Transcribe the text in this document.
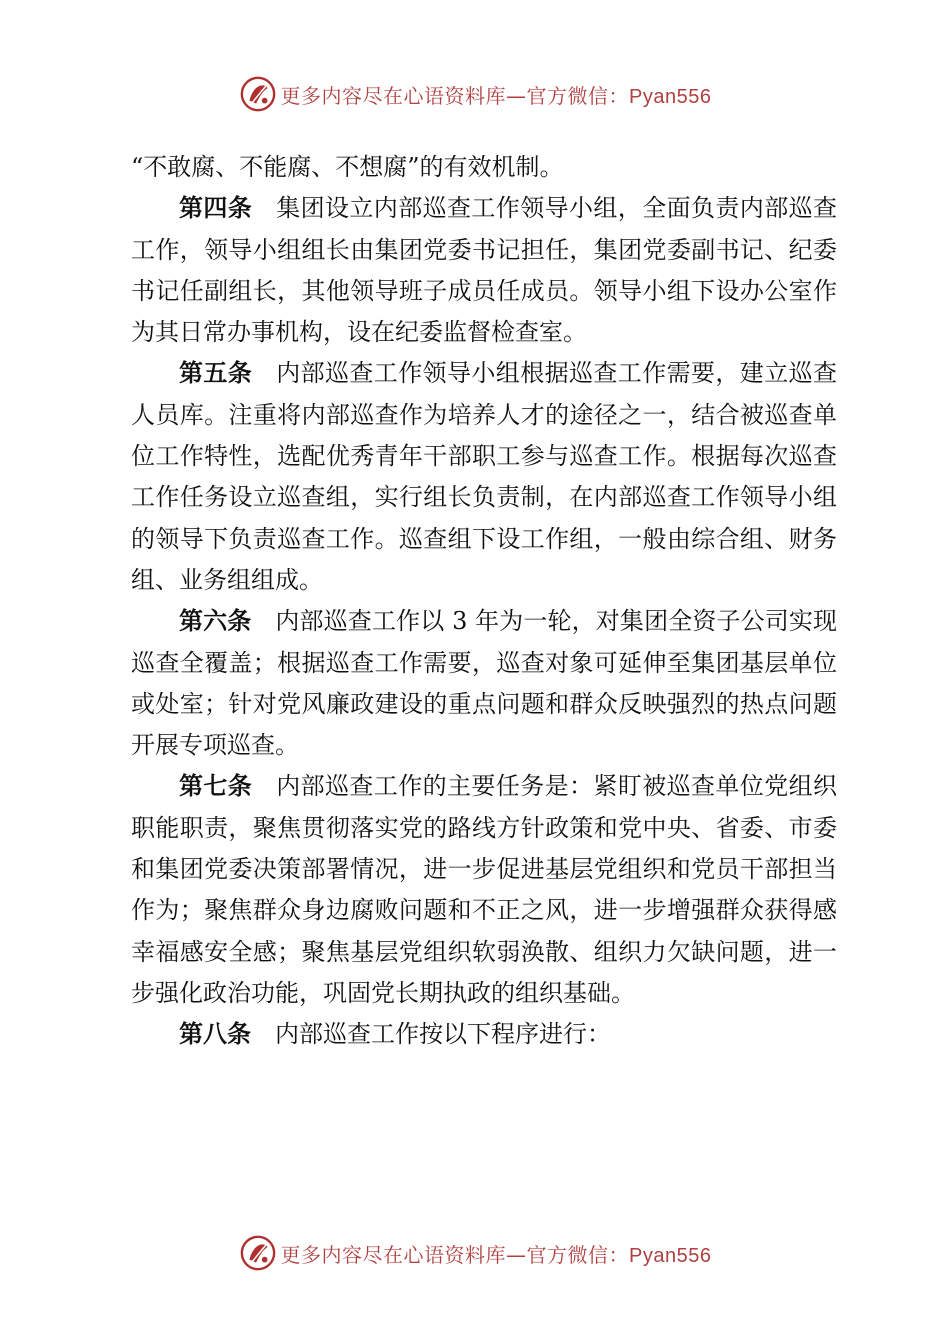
更多内容尽在心语资料库—官方微信：Pyan556

“不敢腐、不能腐、不想腐”的有效机制。

第四条 集团设立内部巡查工作领导小组，全面负责内部巡查工作，领导小组组长由集团党委书记担任，集团党委副书记、纪委书记任副组长，其他领导班子成员任成员。领导小组下设办公室作为其日常办事机构，设在纪委监督检查室。

第五条 内部巡查工作领导小组根据巡查工作需要，建立巡查人员库。注重将内部巡查作为培养人才的途径之一，结合被巡查单位工作特性，选配优秀青年干部职工参与巡查工作。根据每次巡查工作任务设立巡查组，实行组长负责制，在内部巡查工作领导小组的领导下负责巡查工作。巡查组下设工作组，一般由综合组、财务组、业务组组成。

第六条 内部巡查工作以 3 年为一轮，对集团全资子公司实现巡查全覆盖；根据巡查工作需要，巡查对象可延伸至集团基层单位或处室；针对党风廉政建设的重点问题和群众反映强烈的热点问题开展专项巡查。

第七条 内部巡查工作的主要任务是：紧盯被巡查单位党组织职能职责，聚焦贯彻落实党的路线方针政策和党中央、省委、市委和集团党委决策部署情况，进一步促进基层党组织和党员干部担当作为；聚焦群众身边腐败问题和不正之风，进一步增强群众获得感幸福感安全感；聚焦基层党组织软弱涣散、组织力欠缺问题，进一步强化政治功能，巩固党长期执政的组织基础。

第八条 内部巡查工作按以下程序进行：

更多内容尽在心语资料库—官方微信：Pyan556
